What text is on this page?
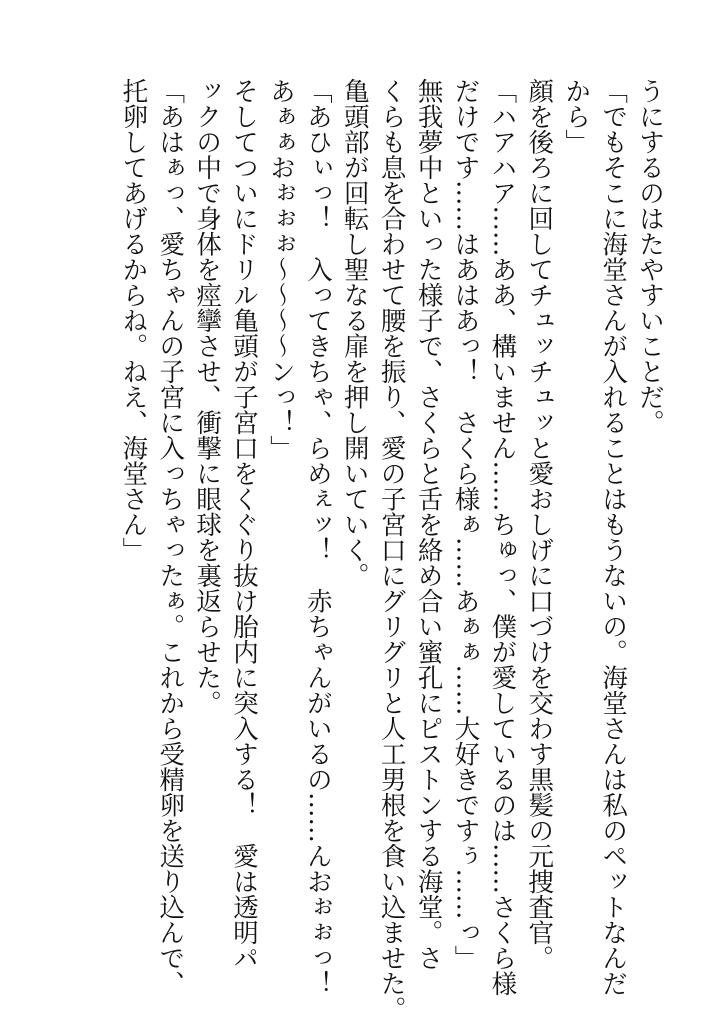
うにするのはたやすいことだ。
「でもそこに海堂さんが入れることはもうないの。海堂さんは私のペットなんだ
から」
顔を後ろに回してチュッチュッと愛おしげに口づけを交わす黒髪の元捜査官。
「ハアハア……ああ、構いません……ちゅっ、僕が愛しているのは……さくら様
だけです……はあはあっ！　さくら様ぁ……あぁぁ……大好きですぅ……っ」
無我夢中といった様子で、さくらと舌を絡め合い蜜孔にピストンする海堂。さ
くらも息を合わせて腰を振り、愛の子宮口にグリグリと人工男根を食い込ませた。
亀頭部が回転し聖なる扉を押し開いていく。
「あひぃっ！　入ってきちゃ、らめぇッ！　赤ちゃんがいるの……んおぉぉっ！
あぁぁおぉぉぉ～～～～ンっ！」
そしてついにドリル亀頭が子宮口をくぐり抜け胎内に突入する！　愛は透明パ
ックの中で身体を痙攣させ、衝撃に眼球を裏返らせた。
「あはぁっ、愛ちゃんの子宮に入っちゃったぁ。これから受精卵を送り込んで、
托卵してあげるからね。ねえ、海堂さん」
